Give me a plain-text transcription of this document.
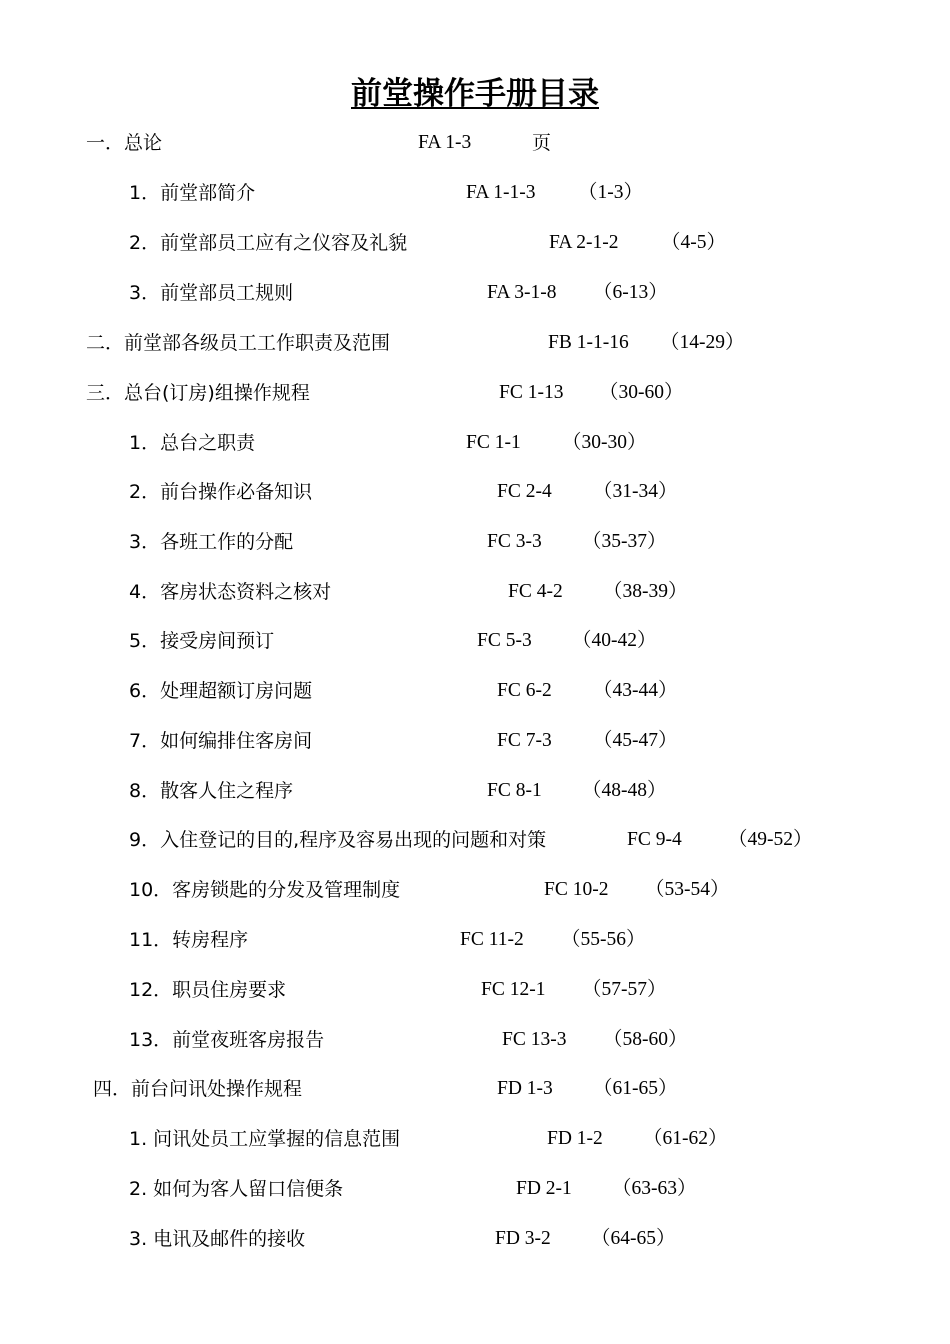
前堂操作手册目录
一．总论	FA 1-3	页
1．前堂部简介	FA 1-1-3 （1-3）
2．前堂部员工应有之仪容及礼貌	FA 2-1-2 （4-5）
3．前堂部员工规则	FA 3-1-8 （6-13）
二．前堂部各级员工工作职责及范围	FB 1-1-16 （14-29）
三．总台(订房)组操作规程	FC 1-13 （30-60）
1．总台之职责	FC 1-1 （30-30）
2．前台操作必备知识	FC 2-4 （31-34）
3．各班工作的分配	FC 3-3 （35-37）
4．客房状态资料之核对	FC 4-2 （38-39）
5．接受房间预订	FC 5-3 （40-42）
6．处理超额订房问题	FC 6-2 （43-44）
7．如何编排住客房间	FC 7-3 （45-47）
8．散客人住之程序	FC 8-1 （48-48）
9．入住登记的目的,程序及容易出现的问题和对策	FC 9-4 （49-52）
10．客房锁匙的分发及管理制度	FC 10-2 （53-54）
11．转房程序	FC 11-2 （55-56）
12．职员住房要求	FC 12-1 （57-57）
13．前堂夜班客房报告	FC 13-3 （58-60）
四．前台问讯处操作规程	FD 1-3 （61-65）
1. 问讯处员工应掌握的信息范围	FD 1-2 （61-62）
2. 如何为客人留口信便条	FD 2-1 （63-63）
3. 电讯及邮件的接收	FD 3-2 （64-65）
